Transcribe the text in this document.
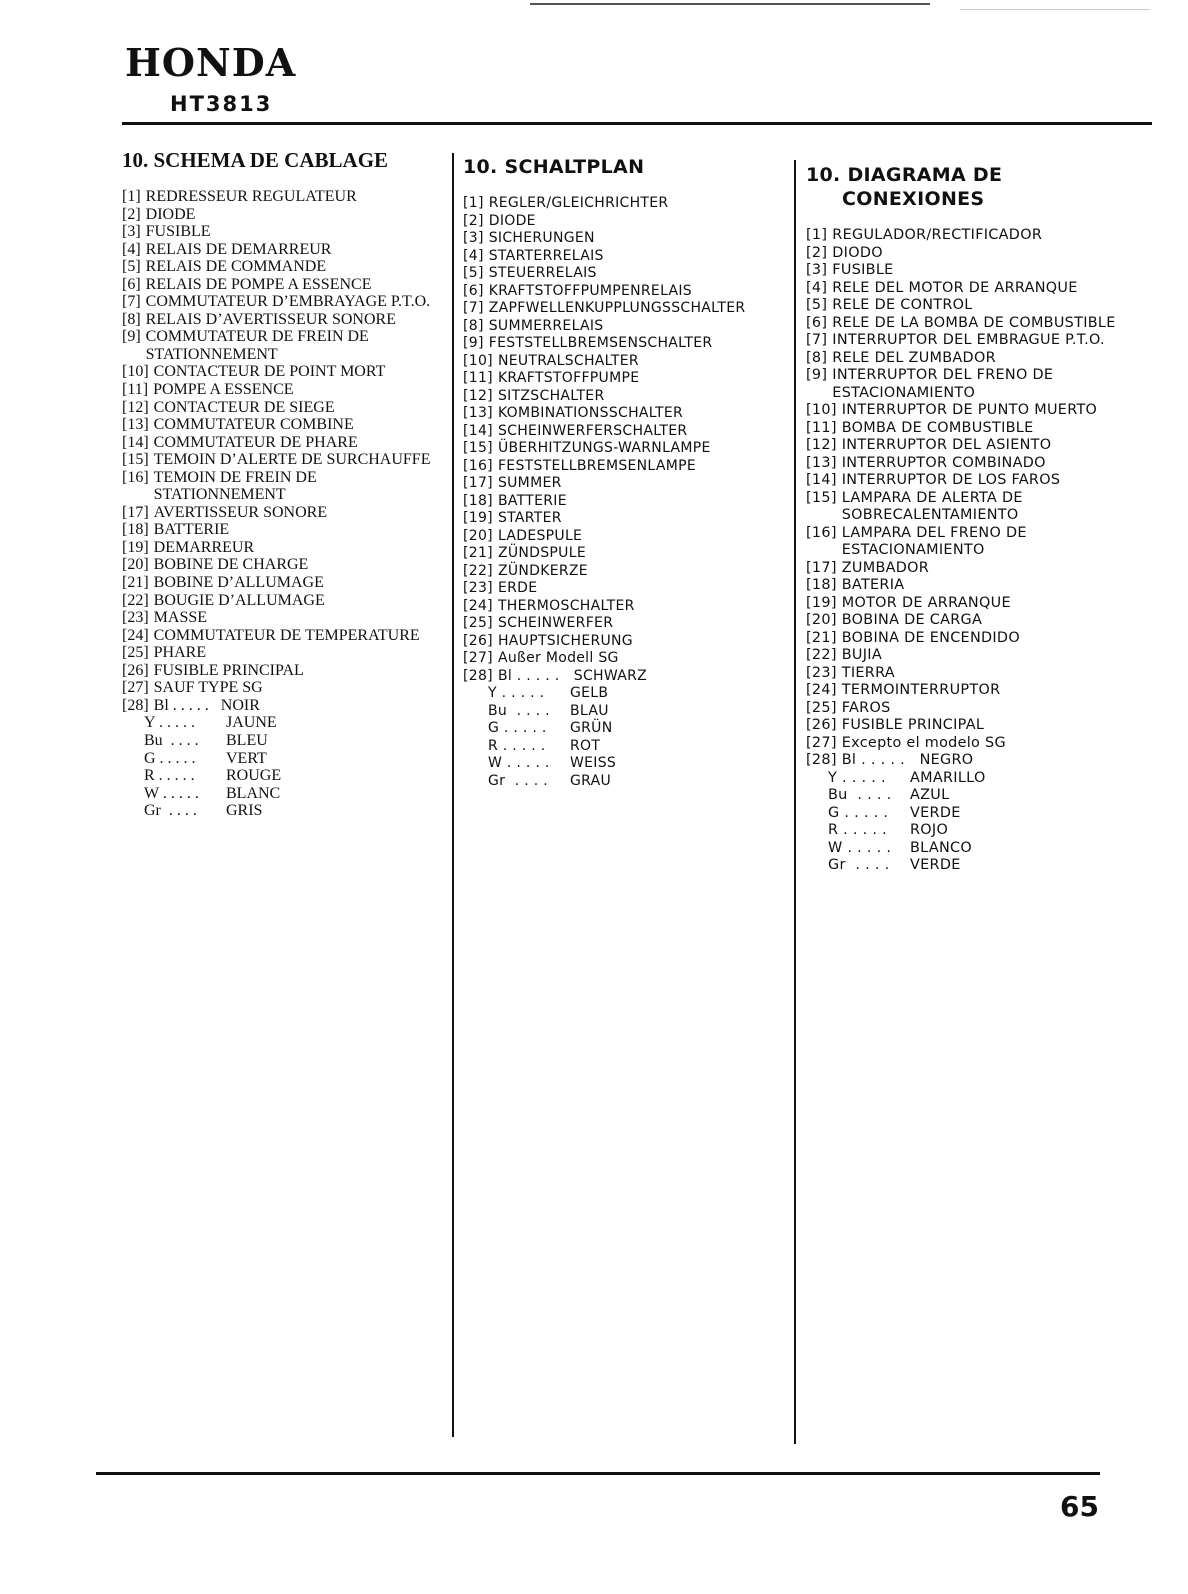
HONDA
HT3813
10. SCHEMA DE CABLAGE
[1] REDRESSEUR REGULATEUR
[2] DIODE
[3] FUSIBLE
[4] RELAIS DE DEMARREUR
[5] RELAIS DE COMMANDE
[6] RELAIS DE POMPE A ESSENCE
[7] COMMUTATEUR D’EMBRAYAGE P.T.O.
[8] RELAIS D’AVERTISSEUR SONORE
[9] COMMUTATEUR DE FREIN DE STATIONNEMENT
[10] CONTACTEUR DE POINT MORT
[11] POMPE A ESSENCE
[12] CONTACTEUR DE SIEGE
[13] COMMUTATEUR COMBINE
[14] COMMUTATEUR DE PHARE
[15] TEMOIN D’ALERTE DE SURCHAUFFE
[16] TEMOIN DE FREIN DE STATIONNEMENT
[17] AVERTISSEUR SONORE
[18] BATTERIE
[19] DEMARREUR
[20] BOBINE DE CHARGE
[21] BOBINE D’ALLUMAGE
[22] BOUGIE D’ALLUMAGE
[23] MASSE
[24] COMMUTATEUR DE TEMPERATURE
[25] PHARE
[26] FUSIBLE PRINCIPAL
[27] SAUF TYPE SG
[28] Bl . . . . .   NOIR
Y . . . . .	JAUNE
Bu  . . . .	BLEU
G . . . . .	VERT
R . . . . .	ROUGE
W . . . . .	BLANC
Gr  . . . .	GRIS
10. SCHALTPLAN
[1] REGLER/GLEICHRICHTER
[2] DIODE
[3] SICHERUNGEN
[4] STARTERRELAIS
[5] STEUERRELAIS
[6] KRAFTSTOFFPUMPENRELAIS
[7] ZAPFWELLENKUPPLUNGSSCHALTER
[8] SUMMERRELAIS
[9] FESTSTELLBREMSENSCHALTER
[10] NEUTRALSCHALTER
[11] KRAFTSTOFFPUMPE
[12] SITZSCHALTER
[13] KOMBINATIONSSCHALTER
[14] SCHEINWERFERSCHALTER
[15] ÜBERHITZUNGS-WARNLAMPE
[16] FESTSTELLBREMSENLAMPE
[17] SUMMER
[18] BATTERIE
[19] STARTER
[20] LADESPULE
[21] ZÜNDSPULE
[22] ZÜNDKERZE
[23] ERDE
[24] THERMOSCHALTER
[25] SCHEINWERFER
[26] HAUPTSICHERUNG
[27] Außer Modell SG
[28] Bl . . . . .   SCHWARZ
Y . . . . .	GELB
Bu  . . . .	BLAU
G . . . . .	GRÜN
R . . . . .	ROT
W . . . . .	WEISS
Gr  . . . .	GRAU
10. DIAGRAMA DE
CONEXIONES
[1] REGULADOR/RECTIFICADOR
[2] DIODO
[3] FUSIBLE
[4] RELE DEL MOTOR DE ARRANQUE
[5] RELE DE CONTROL
[6] RELE DE LA BOMBA DE COMBUSTIBLE
[7] INTERRUPTOR DEL EMBRAGUE P.T.O.
[8] RELE DEL ZUMBADOR
[9] INTERRUPTOR DEL FRENO DE ESTACIONAMIENTO
[10] INTERRUPTOR DE PUNTO MUERTO
[11] BOMBA DE COMBUSTIBLE
[12] INTERRUPTOR DEL ASIENTO
[13] INTERRUPTOR COMBINADO
[14] INTERRUPTOR DE LOS FAROS
[15] LAMPARA DE ALERTA DE SOBRECALENTAMIENTO
[16] LAMPARA DEL FRENO DE ESTACIONAMIENTO
[17] ZUMBADOR
[18] BATERIA
[19] MOTOR DE ARRANQUE
[20] BOBINA DE CARGA
[21] BOBINA DE ENCENDIDO
[22] BUJIA
[23] TIERRA
[24] TERMOINTERRUPTOR
[25] FAROS
[26] FUSIBLE PRINCIPAL
[27] Excepto el modelo SG
[28] Bl . . . . .   NEGRO
Y . . . . .	AMARILLO
Bu  . . . .	AZUL
G . . . . .	VERDE
R . . . . .	ROJO
W . . . . .	BLANCO
Gr  . . . .	VERDE
65
